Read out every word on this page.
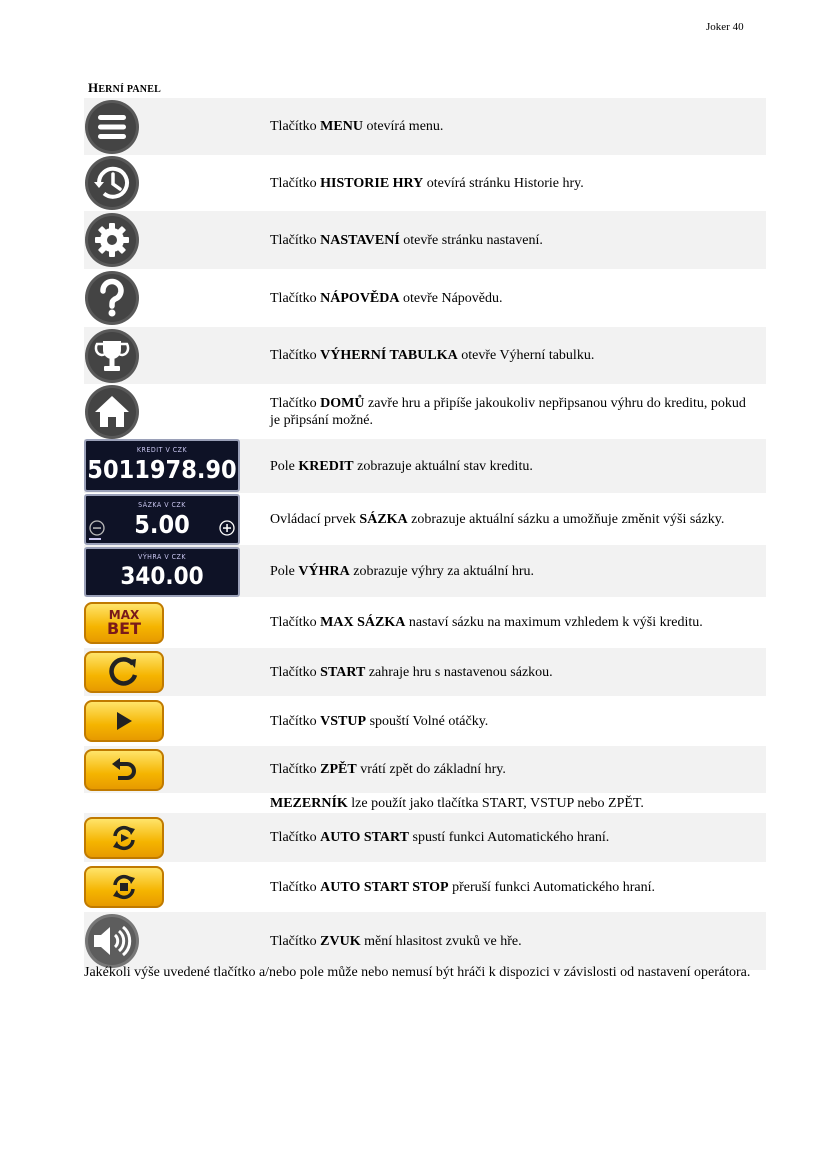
Joker 40
HERNÍ PANEL
Tlačítko MENU otevírá menu.
Tlačítko HISTORIE HRY otevírá stránku Historie hry.
Tlačítko NASTAVENÍ otevře stránku nastavení.
Tlačítko NÁPOVĚDA otevře Nápovědu.
Tlačítko VÝHERNÍ TABULKA otevře Výherní tabulku.
Tlačítko DOMŮ zavře hru a připíše jakoukoliv nepřipsanou výhru do kreditu, pokud je připsání možné.
KREDIT V CZK
5011978.90 Pole KREDIT zobrazuje aktuální stav kreditu.
SÁZKA V CZK
5.00	Ovládací prvek SÁZKA zobrazuje aktuální sázku a umožňuje změnit výši sázky.
VÝHRA V CZK
340.00	Pole VÝHRA zobrazuje výhry za aktuální hru.
MAX
BET	Tlačítko MAX SÁZKA nastaví sázku na maximum vzhledem k výši kreditu.
Tlačítko START zahraje hru s nastavenou sázkou.
Tlačítko VSTUP spouští Volné otáčky.
Tlačítko ZPĚT vrátí zpět do základní hry.
MEZERNÍK lze použít jako tlačítka START, VSTUP nebo ZPĚT.
Tlačítko AUTO START spustí funkci Automatického hraní.
Tlačítko AUTO START STOP přeruší funkci Automatického hraní.
Tlačítko ZVUK mění hlasitost zvuků ve hře.
Jakékoli výše uvedené tlačítko a/nebo pole může nebo nemusí být hráči k dispozici v závislosti od nastavení operátora.
